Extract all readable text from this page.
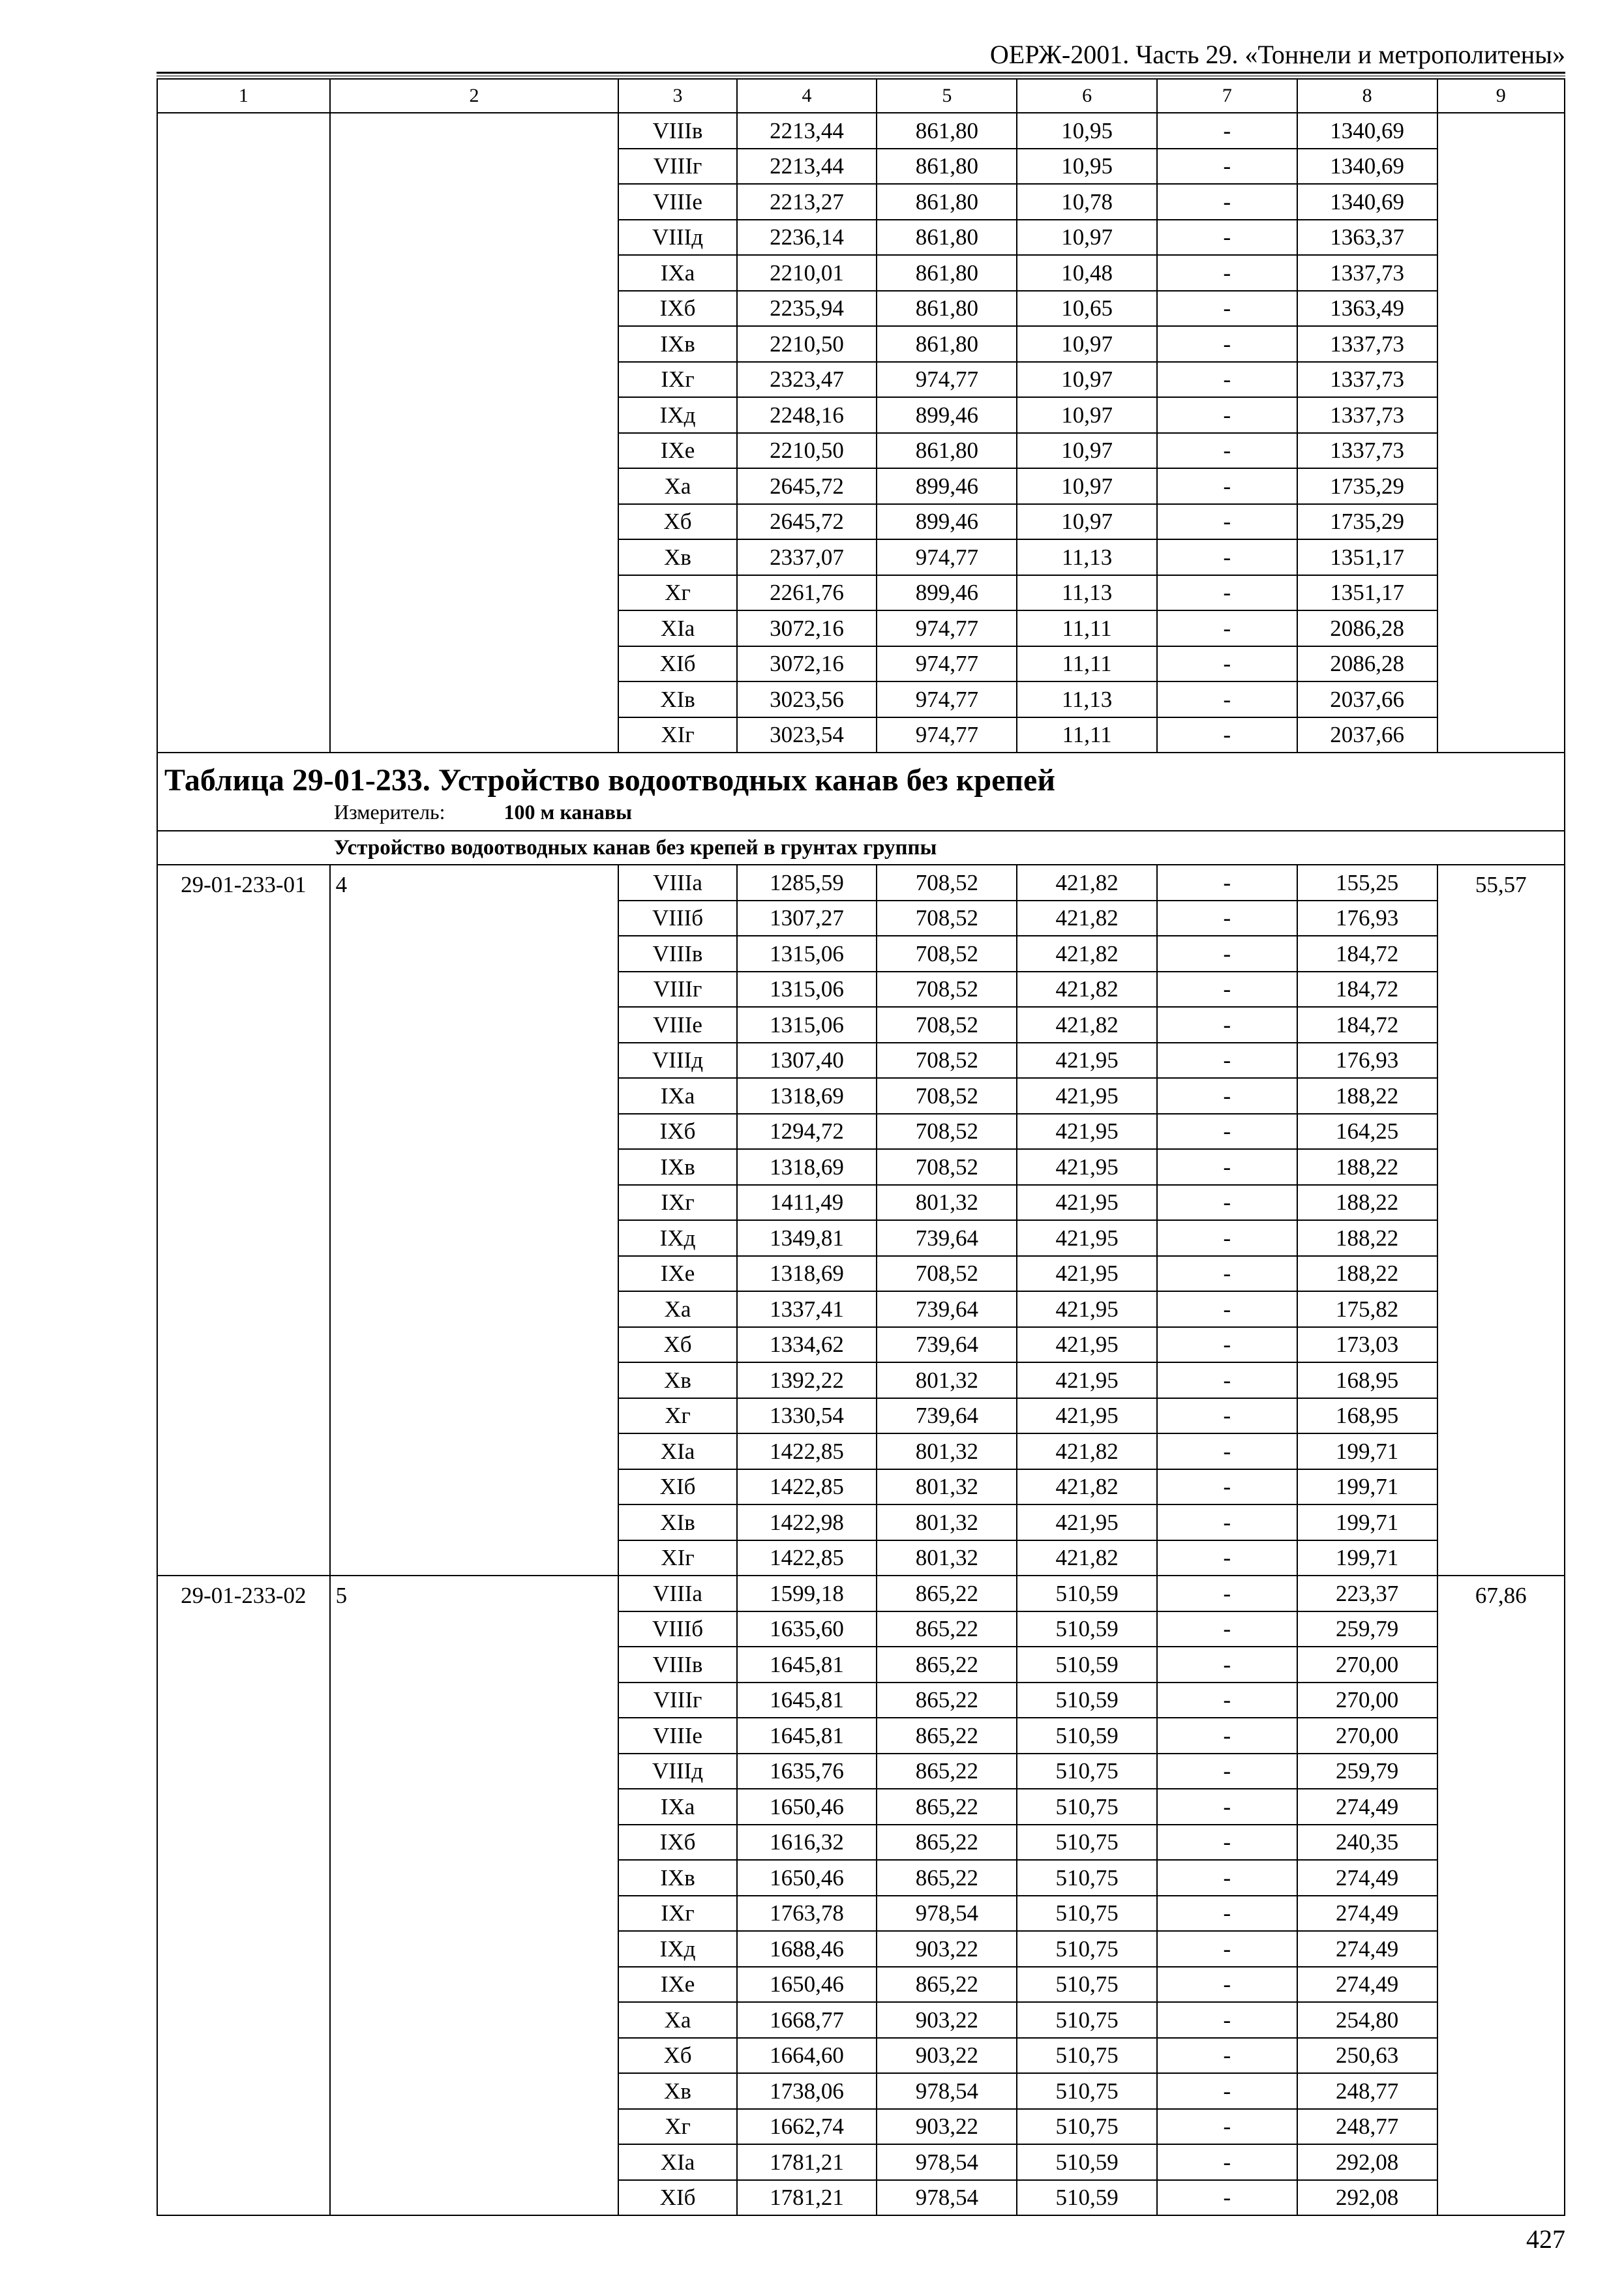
ОЕРЖ-2001. Часть 29. «Тоннели и метрополитены»
1	2	3	4	5	6	7	8	9
		VIIIв	2213,44	861,80	10,95	-	1340,69	
		VIIIг	2213,44	861,80	10,95	-	1340,69	
		VIIIе	2213,27	861,80	10,78	-	1340,69	
		VIIIд	2236,14	861,80	10,97	-	1363,37	
		IXа	2210,01	861,80	10,48	-	1337,73	
		IXб	2235,94	861,80	10,65	-	1363,49	
		IXв	2210,50	861,80	10,97	-	1337,73	
		IXг	2323,47	974,77	10,97	-	1337,73	
		IXд	2248,16	899,46	10,97	-	1337,73	
		IXе	2210,50	861,80	10,97	-	1337,73	
		Xа	2645,72	899,46	10,97	-	1735,29	
		Xб	2645,72	899,46	10,97	-	1735,29	
		Xв	2337,07	974,77	11,13	-	1351,17	
		Xг	2261,76	899,46	11,13	-	1351,17	
		XIа	3072,16	974,77	11,11	-	2086,28	
		XIб	3072,16	974,77	11,11	-	2086,28	
		XIв	3023,56	974,77	11,13	-	2037,66	
		XIг	3023,54	974,77	11,11	-	2037,66	

Таблица 29-01-233. Устройство водоотводных канав без крепей
Измеритель: 100 м канавы								

Устройство водоотводных канав без крепей в грунтах группы								
29-01-233-01	4	VIIIа	1285,59	708,52	421,82	-	155,25	55,57
		VIIIб	1307,27	708,52	421,82	-	176,93	
		VIIIв	1315,06	708,52	421,82	-	184,72	
		VIIIг	1315,06	708,52	421,82	-	184,72	
		VIIIе	1315,06	708,52	421,82	-	184,72	
		VIIIд	1307,40	708,52	421,95	-	176,93	
		IXа	1318,69	708,52	421,95	-	188,22	
		IXб	1294,72	708,52	421,95	-	164,25	
		IXв	1318,69	708,52	421,95	-	188,22	
		IXг	1411,49	801,32	421,95	-	188,22	
		IXд	1349,81	739,64	421,95	-	188,22	
		IXе	1318,69	708,52	421,95	-	188,22	
		Xа	1337,41	739,64	421,95	-	175,82	
		Xб	1334,62	739,64	421,95	-	173,03	
		Xв	1392,22	801,32	421,95	-	168,95	
		Xг	1330,54	739,64	421,95	-	168,95	
		XIа	1422,85	801,32	421,82	-	199,71	
		XIб	1422,85	801,32	421,82	-	199,71	
		XIв	1422,98	801,32	421,95	-	199,71	
		XIг	1422,85	801,32	421,82	-	199,71	
29-01-233-02	5	VIIIа	1599,18	865,22	510,59	-	223,37	67,86
		VIIIб	1635,60	865,22	510,59	-	259,79	
		VIIIв	1645,81	865,22	510,59	-	270,00	
		VIIIг	1645,81	865,22	510,59	-	270,00	
		VIIIе	1645,81	865,22	510,59	-	270,00	
		VIIIд	1635,76	865,22	510,75	-	259,79	
		IXа	1650,46	865,22	510,75	-	274,49	
		IXб	1616,32	865,22	510,75	-	240,35	
		IXв	1650,46	865,22	510,75	-	274,49	
		IXг	1763,78	978,54	510,75	-	274,49	
		IXд	1688,46	903,22	510,75	-	274,49	
		IXе	1650,46	865,22	510,75	-	274,49	
		Xа	1668,77	903,22	510,75	-	254,80	
		Xб	1664,60	903,22	510,75	-	250,63	
		Xв	1738,06	978,54	510,75	-	248,77	
		Xг	1662,74	903,22	510,75	-	248,77	
		XIа	1781,21	978,54	510,59	-	292,08	
		XIб	1781,21	978,54	510,59	-	292,08	
427
